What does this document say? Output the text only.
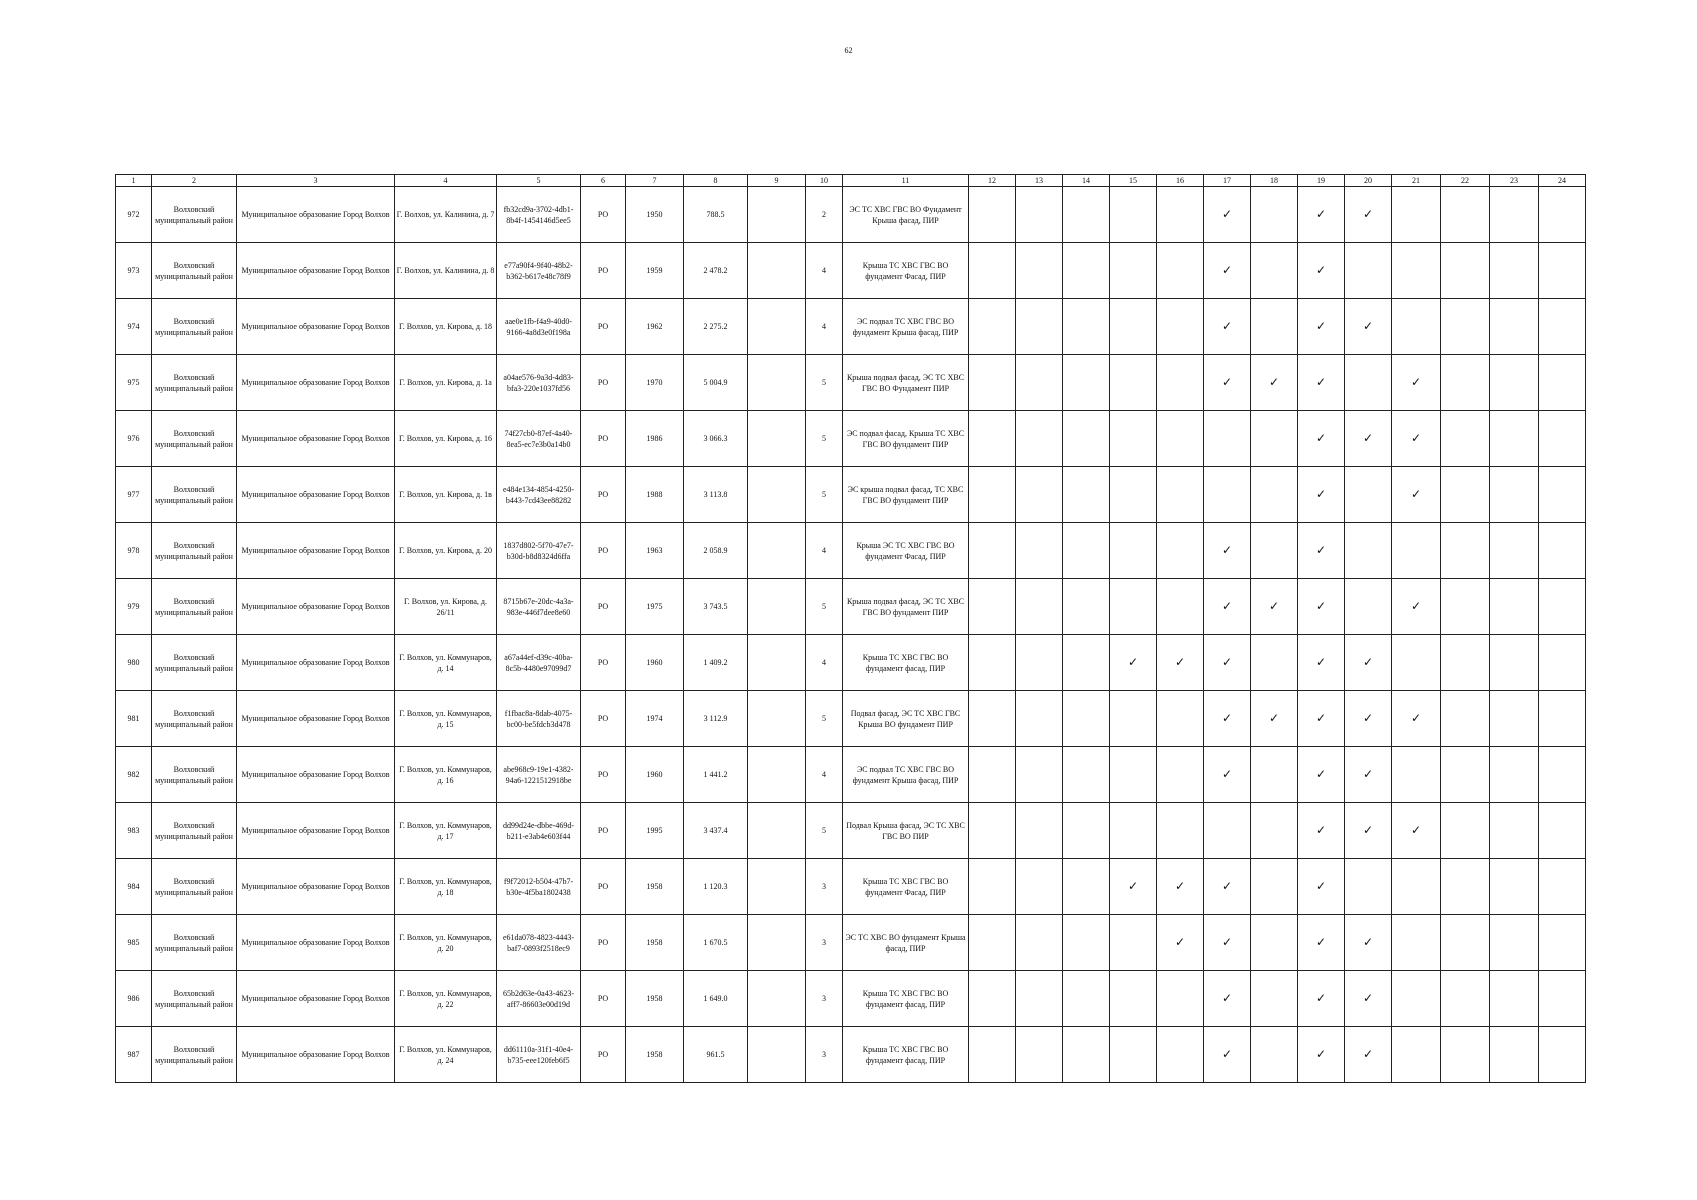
62
1	2	3	4	5	6	7	8	9	10	11	12	13	14	15	16	17	18	19	20	21	22	23	24
972	Волховский муниципальный район	Муниципальное образование Город Волхов	Г. Волхов, ул. Калинина, д. 7	fb32cd9a-3702-4db1-8b4f-1454146d5ee5	РО	1950	788.5		2	ЭС ТС ХВС ГВС ВО Фундамент Крыша фасад, ПИР						✓		✓	✓				
973	Волховский муниципальный район	Муниципальное образование Город Волхов	Г. Волхов, ул. Калинина, д. 8	e77a90f4-9f40-48b2-b362-b617e48c78f9	РО	1959	2 478.2		4	Крыша ТС ХВС ГВС ВО фундамент Фасад, ПИР						✓		✓					
974	Волховский муниципальный район	Муниципальное образование Город Волхов	Г. Волхов, ул. Кирова, д. 18	aae0e1fb-f4a9-40d0-9166-4a8d3e0f198a	РО	1962	2 275.2		4	ЭС подвал ТС ХВС ГВС ВО фундамент Крыша фасад, ПИР						✓		✓	✓				
975	Волховский муниципальный район	Муниципальное образование Город Волхов	Г. Волхов, ул. Кирова, д. 1а	a04ae576-9a3d-4d83-bfa3-220e1037fd56	РО	1970	5 004.9		5	Крыша подвал фасад, ЭС ТС ХВС ГВС ВО Фундамент ПИР						✓	✓	✓		✓			
976	Волховский муниципальный район	Муниципальное образование Город Волхов	Г. Волхов, ул. Кирова, д. 16	74f27cb0-87ef-4a40-8ea5-ec7e3b0a14b0	РО	1986	3 066.3		5	ЭС подвал фасад, Крыша ТС ХВС ГВС ВО фундамент ПИР								✓	✓	✓			
977	Волховский муниципальный район	Муниципальное образование Город Волхов	Г. Волхов, ул. Кирова, д. 1в	e484e134-4854-4250-b443-7cd43ee88282	РО	1988	3 113.8		5	ЭС крыша подвал фасад, ТС ХВС ГВС ВО фундамент ПИР								✓		✓			
978	Волховский муниципальный район	Муниципальное образование Город Волхов	Г. Волхов, ул. Кирова, д. 20	1837d802-5f70-47e7-b30d-b8d8324d6ffa	РО	1963	2 058.9		4	Крыша ЭС ТС ХВС ГВС ВО фундамент Фасад, ПИР						✓		✓					
979	Волховский муниципальный район	Муниципальное образование Город Волхов	Г. Волхов, ул. Кирова, д. 26/11	8715b67e-20dc-4a3a-983e-446f7dee8e60	РО	1975	3 743.5		5	Крыша подвал фасад, ЭС ТС ХВС ГВС ВО фундамент ПИР						✓	✓	✓		✓			
980	Волховский муниципальный район	Муниципальное образование Город Волхов	Г. Волхов, ул. Коммунаров, д. 14	a67a44ef-d39c-40ba-8c5b-4480e97099d7	РО	1960	1 409.2		4	Крыша ТС ХВС ГВС ВО фундамент фасад, ПИР				✓	✓	✓		✓	✓				
981	Волховский муниципальный район	Муниципальное образование Город Волхов	Г. Волхов, ул. Коммунаров, д. 15	f1fbac8a-8dab-4075-bc00-be5fdcb3d478	РО	1974	3 112.9		5	Подвал фасад, ЭС ТС ХВС ГВС Крыша ВО фундамент ПИР						✓	✓	✓	✓	✓			
982	Волховский муниципальный район	Муниципальное образование Город Волхов	Г. Волхов, ул. Коммунаров, д. 16	abe968c9-19e1-4382-94a6-1221512918be	РО	1960	1 441.2		4	ЭС подвал ТС ХВС ГВС ВО фундамент Крыша фасад, ПИР						✓		✓	✓				
983	Волховский муниципальный район	Муниципальное образование Город Волхов	Г. Волхов, ул. Коммунаров, д. 17	dd99d24e-dbbe-469d-b211-e3ab4e603f44	РО	1995	3 437.4		5	Подвал Крыша фасад, ЭС ТС ХВС ГВС ВО ПИР								✓	✓	✓			
984	Волховский муниципальный район	Муниципальное образование Город Волхов	Г. Волхов, ул. Коммунаров, д. 18	f9f72012-b504-47b7-b30e-4f5ba1802438	РО	1958	1 120.3		3	Крыша ТС ХВС ГВС ВО фундамент Фасад, ПИР				✓	✓	✓		✓					
985	Волховский муниципальный район	Муниципальное образование Город Волхов	Г. Волхов, ул. Коммунаров, д. 20	e61da078-4823-4443-baf7-0893f2518ec9	РО	1958	1 670.5		3	ЭС ТС ХВС ВО фундамент Крыша фасад, ПИР					✓	✓		✓	✓				
986	Волховский муниципальный район	Муниципальное образование Город Волхов	Г. Волхов, ул. Коммунаров, д. 22	65b2d63e-0a43-4623-aff7-86603e00d19d	РО	1958	1 649.0		3	Крыша ТС ХВС ГВС ВО фундамент фасад, ПИР						✓		✓	✓				
987	Волховский муниципальный район	Муниципальное образование Город Волхов	Г. Волхов, ул. Коммунаров, д. 24	dd61110a-31f1-40e4-b735-eee120feb6f5	РО	1958	961.5		3	Крыша ТС ХВС ГВС ВО фундамент фасад, ПИР						✓		✓	✓				
